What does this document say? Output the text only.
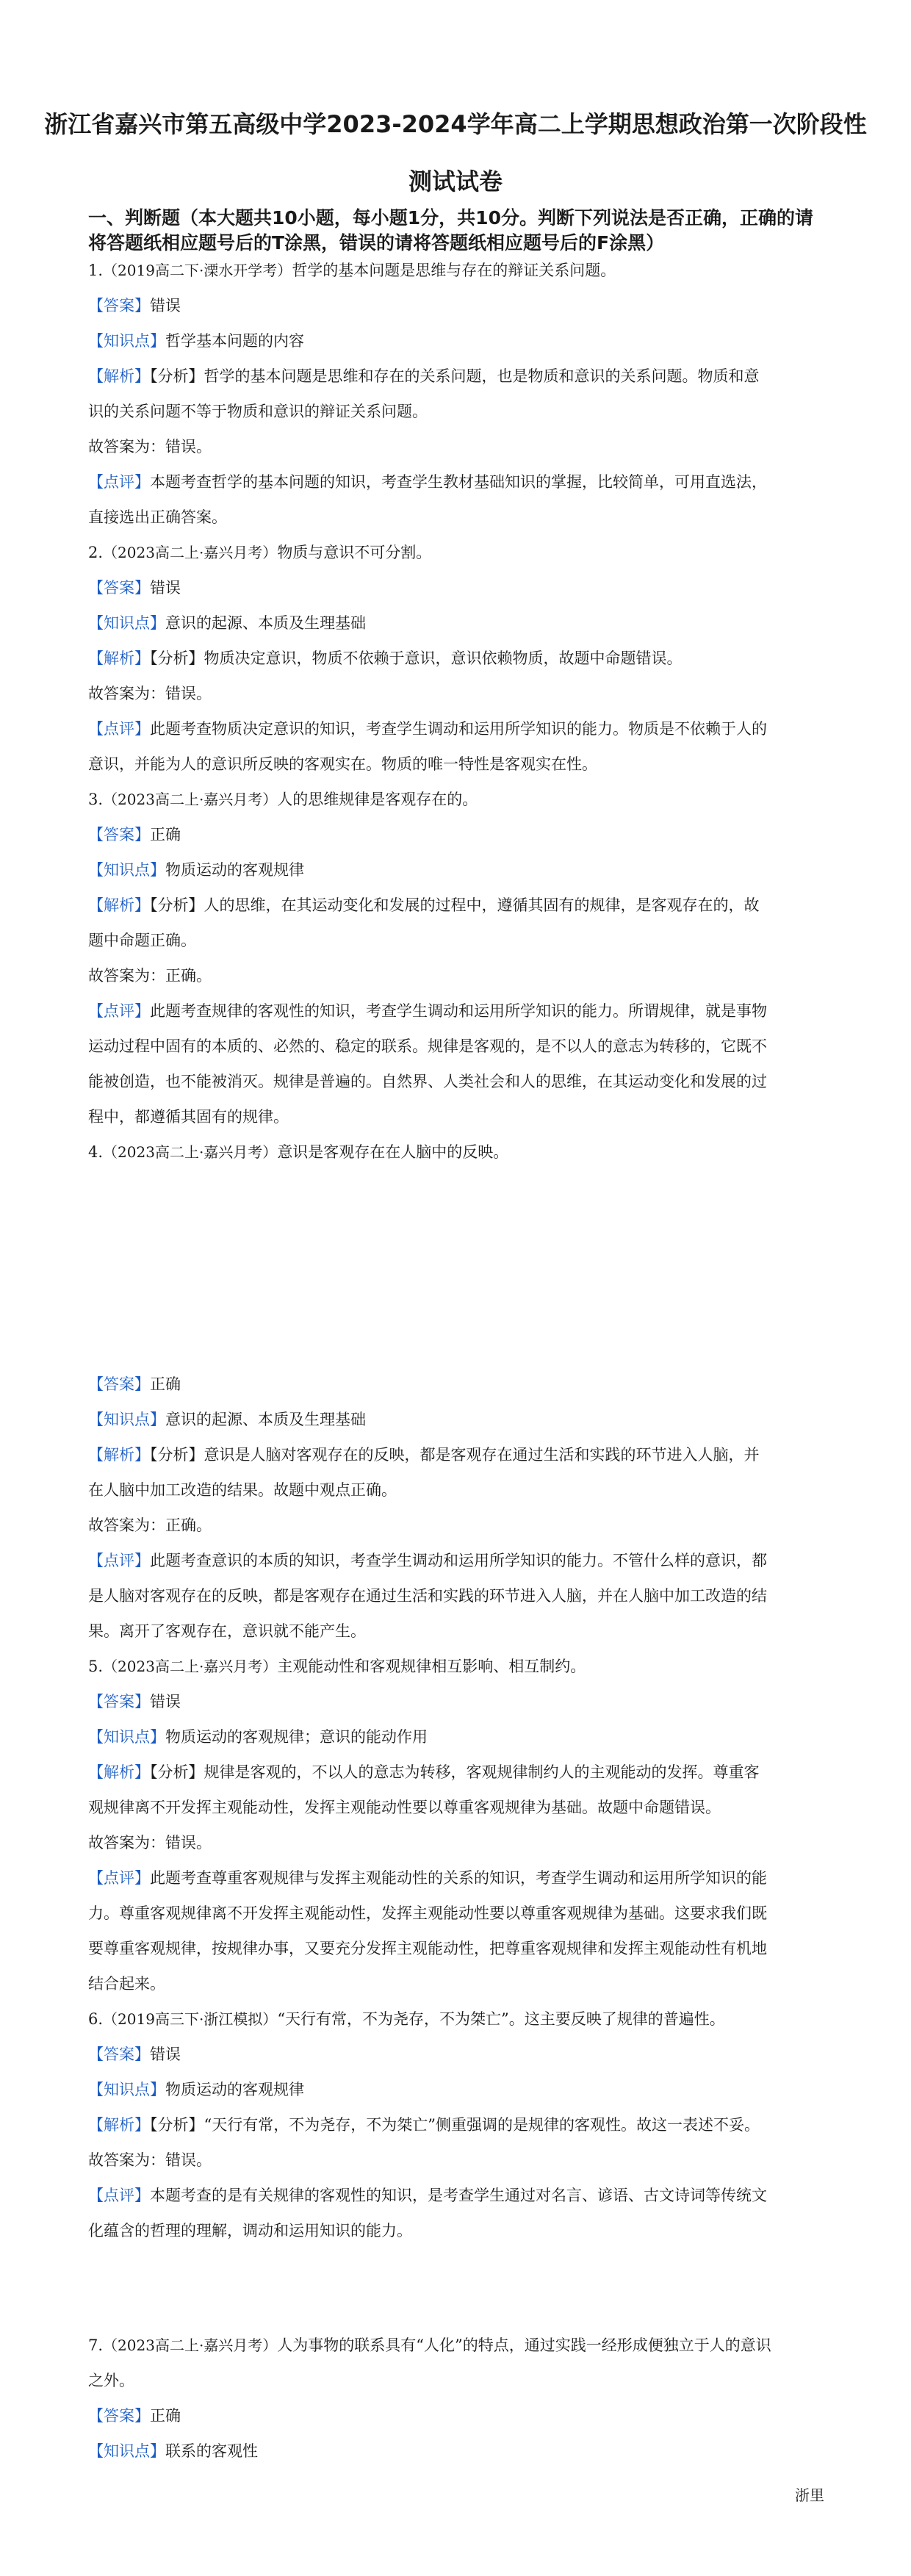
浙江省嘉兴市第五高级中学2023-2024学年高二上学期思想政治第一次阶段性
测试试卷
一、判断题（本大题共10小题，每小题1分，共10分。判断下列说法是否正确，正确的请
将答题纸相应题号后的T涂黑，错误的请将答题纸相应题号后的F涂黑）

1.（2019高二下·溧水开学考）哲学的基本问题是思维与存在的辩证关系问题。

【答案】错误

【知识点】哲学基本问题的内容

【解析】【分析】哲学的基本问题是思维和存在的关系问题，也是物质和意识的关系问题。物质和意

识的关系问题不等于物质和意识的辩证关系问题。

故答案为：错误。

【点评】本题考查哲学的基本问题的知识，考查学生教材基础知识的掌握，比较简单，可用直选法，

直接选出正确答案。

2.（2023高二上·嘉兴月考）物质与意识不可分割。

【答案】错误

【知识点】意识的起源、本质及生理基础

【解析】【分析】物质决定意识，物质不依赖于意识，意识依赖物质，故题中命题错误。

故答案为：错误。

【点评】此题考查物质决定意识的知识，考查学生调动和运用所学知识的能力。物质是不依赖于人的

意识，并能为人的意识所反映的客观实在。物质的唯一特性是客观实在性。

3.（2023高二上·嘉兴月考）人的思维规律是客观存在的。

【答案】正确

【知识点】物质运动的客观规律

【解析】【分析】人的思维，在其运动变化和发展的过程中，遵循其固有的规律，是客观存在的，故

题中命题正确。

故答案为：正确。

【点评】此题考查规律的客观性的知识，考查学生调动和运用所学知识的能力。所谓规律，就是事物

运动过程中固有的本质的、必然的、稳定的联系。规律是客观的，是不以人的意志为转移的，它既不

能被创造，也不能被消灭。规律是普遍的。自然界、人类社会和人的思维，在其运动变化和发展的过

程中，都遵循其固有的规律。

4.（2023高二上·嘉兴月考）意识是客观存在在人脑中的反映。

【答案】正确

【知识点】意识的起源、本质及生理基础

【解析】【分析】意识是人脑对客观存在的反映，都是客观存在通过生活和实践的环节进入人脑，并

在人脑中加工改造的结果。故题中观点正确。

故答案为：正确。

【点评】此题考查意识的本质的知识，考查学生调动和运用所学知识的能力。不管什么样的意识，都

是人脑对客观存在的反映，都是客观存在通过生活和实践的环节进入人脑，并在人脑中加工改造的结

果。离开了客观存在，意识就不能产生。

5.（2023高二上·嘉兴月考）主观能动性和客观规律相互影响、相互制约。

【答案】错误

【知识点】物质运动的客观规律；意识的能动作用

【解析】【分析】规律是客观的，不以人的意志为转移，客观规律制约人的主观能动的发挥。尊重客

观规律离不开发挥主观能动性，发挥主观能动性要以尊重客观规律为基础。故题中命题错误。

故答案为：错误。

【点评】此题考查尊重客观规律与发挥主观能动性的关系的知识，考查学生调动和运用所学知识的能

力。尊重客观规律离不开发挥主观能动性，发挥主观能动性要以尊重客观规律为基础。这要求我们既

要尊重客观规律，按规律办事，又要充分发挥主观能动性，把尊重客观规律和发挥主观能动性有机地

结合起来。

6.（2019高三下·浙江模拟）“天行有常，不为尧存，不为桀亡”。这主要反映了规律的普遍性。

【答案】错误

【知识点】物质运动的客观规律

【解析】【分析】“天行有常，不为尧存，不为桀亡”侧重强调的是规律的客观性。故这一表述不妥。

故答案为：错误。

【点评】本题考查的是有关规律的客观性的知识，是考查学生通过对名言、谚语、古文诗词等传统文

化蕴含的哲理的理解，调动和运用知识的能力。

7.（2023高二上·嘉兴月考）人为事物的联系具有“人化”的特点，通过实践一经形成便独立于人的意识

之外。

【答案】正确

【知识点】联系的客观性

浙里
